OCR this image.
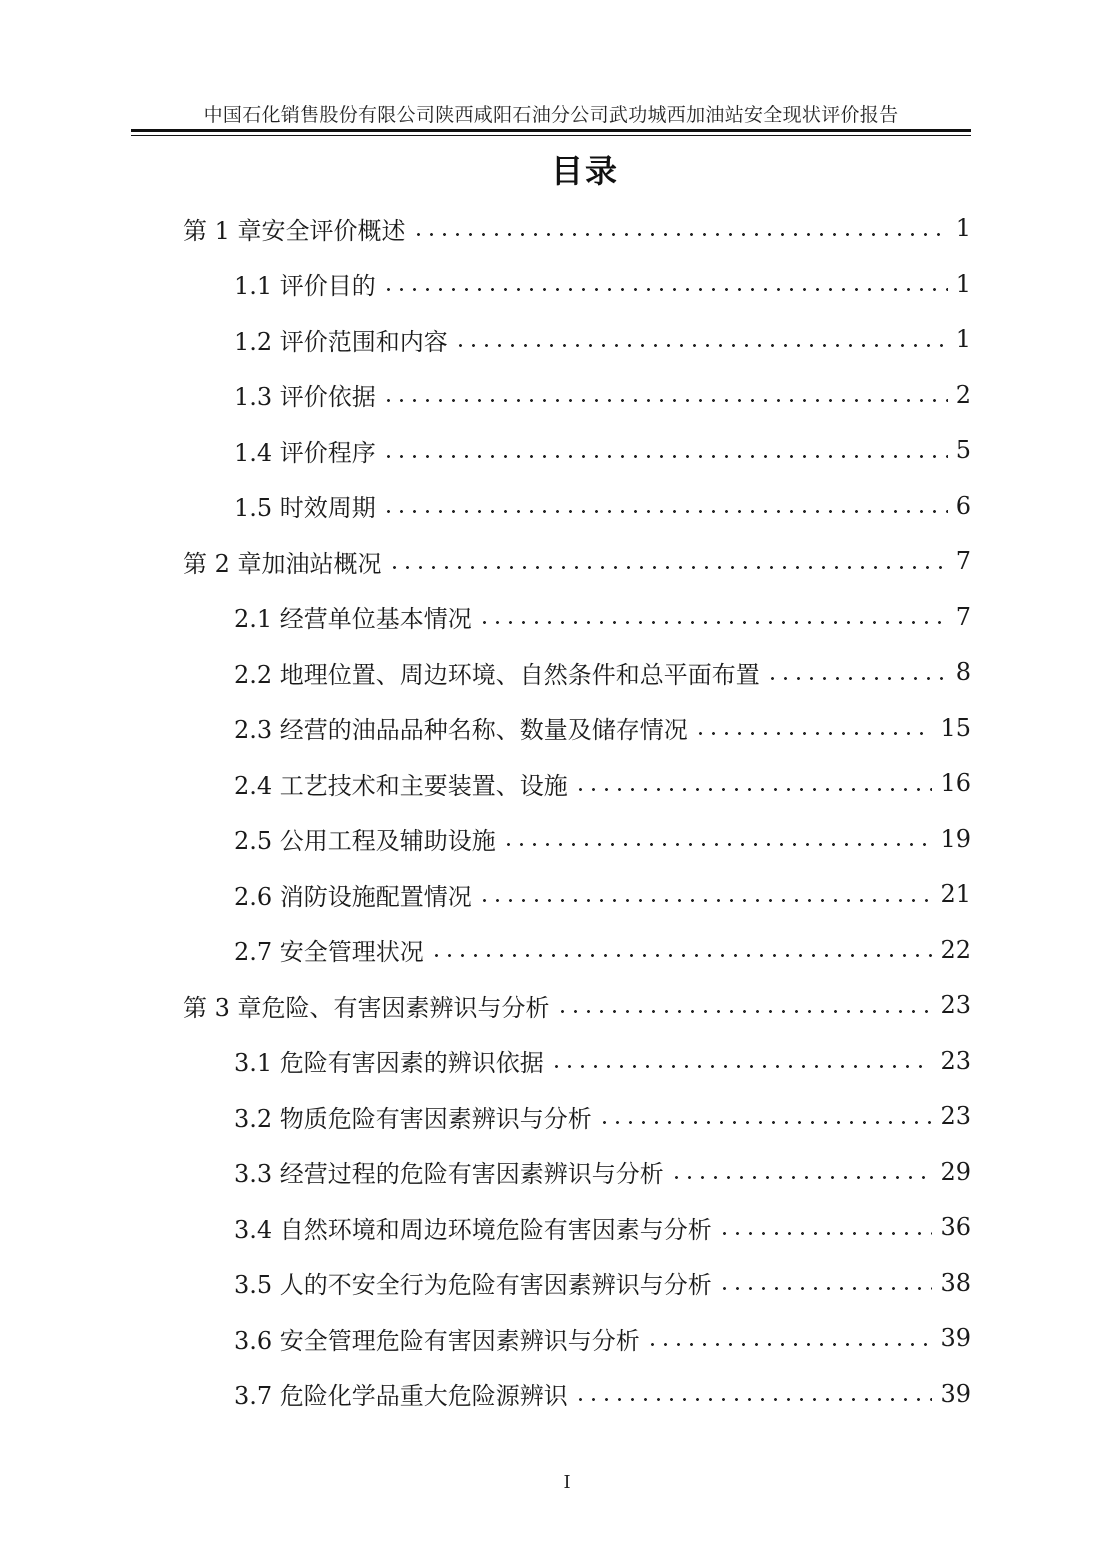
中国石化销售股份有限公司陕西咸阳石油分公司武功城西加油站安全现状评价报告
目录
第 1 章安全评价概述	1
1.1 评价目的	1
1.2 评价范围和内容	1
1.3 评价依据	2
1.4 评价程序	5
1.5 时效周期	6
第 2 章加油站概况	7
2.1 经营单位基本情况	7
2.2 地理位置、周边环境、自然条件和总平面布置	8
2.3 经营的油品品种名称、数量及储存情况	15
2.4 工艺技术和主要装置、设施	16
2.5 公用工程及辅助设施	19
2.6 消防设施配置情况	21
2.7 安全管理状况	22
第 3 章危险、有害因素辨识与分析	23
3.1 危险有害因素的辨识依据	23
3.2 物质危险有害因素辨识与分析	23
3.3 经营过程的危险有害因素辨识与分析	29
3.4 自然环境和周边环境危险有害因素与分析	36
3.5 人的不安全行为危险有害因素辨识与分析	38
3.6 安全管理危险有害因素辨识与分析	39
3.7 危险化学品重大危险源辨识	39
I
